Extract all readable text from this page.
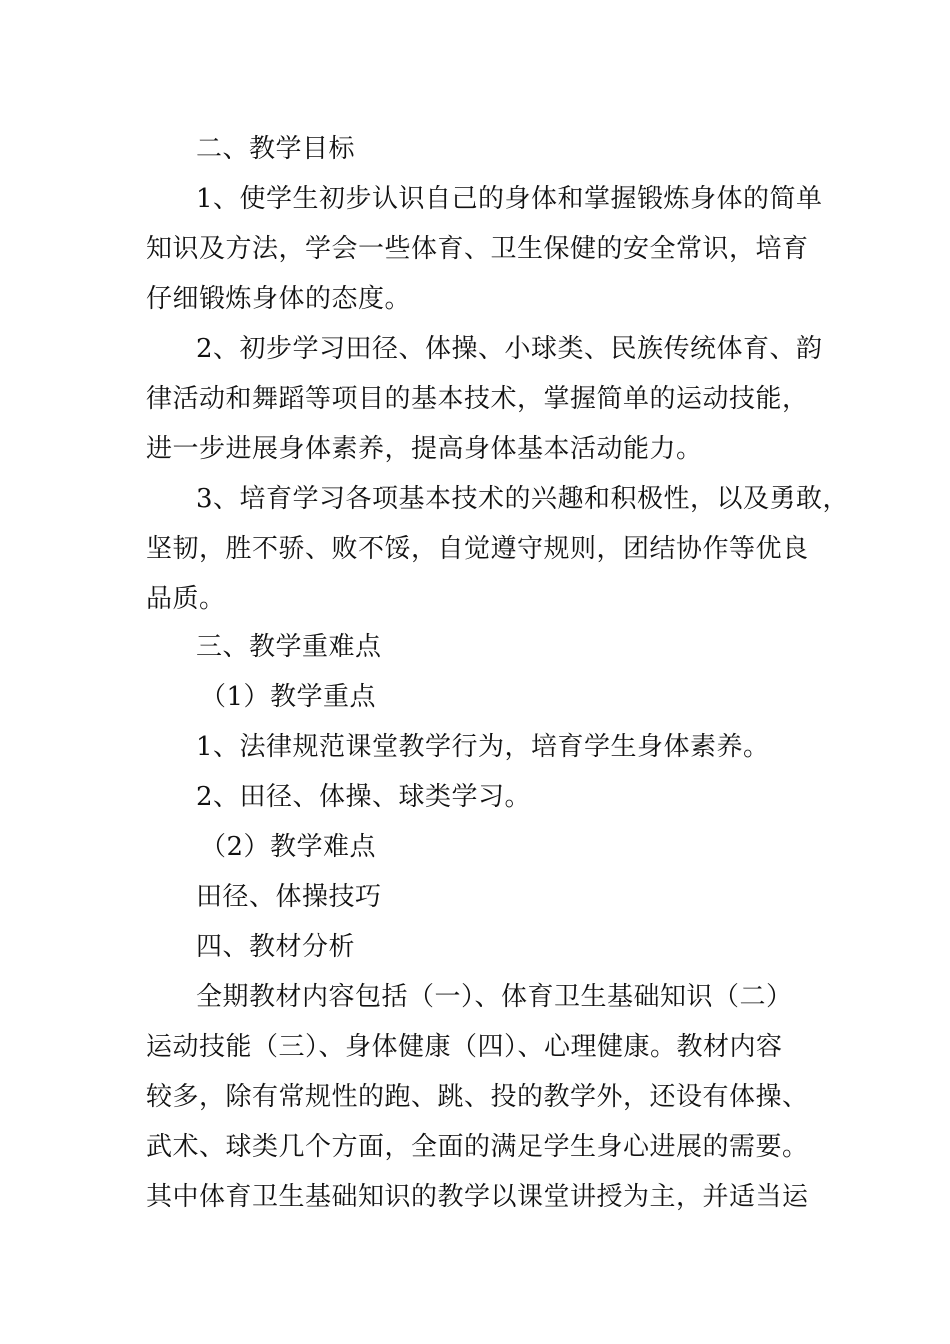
二、教学目标
1、使学生初步认识自己的身体和掌握锻炼身体的简单
知识及方法，学会一些体育、卫生保健的安全常识，培育
仔细锻炼身体的态度。
2、初步学习田径、体操、小球类、民族传统体育、韵
律活动和舞蹈等项目的基本技术，掌握简单的运动技能，
进一步进展身体素养，提高身体基本活动能力。
3、培育学习各项基本技术的兴趣和积极性，以及勇敢，
坚韧，胜不骄、败不馁，自觉遵守规则，团结协作等优良
品质。
三、教学重难点
（1）教学重点
1、法律规范课堂教学行为，培育学生身体素养。
2、田径、体操、球类学习。
（2）教学难点
田径、体操技巧
四、教材分析
全期教材内容包括（一）、体育卫生基础知识（二）
运动技能（三）、身体健康（四）、心理健康。教材内容
较多，除有常规性的跑、跳、投的教学外，还设有体操、
武术、球类几个方面，全面的满足学生身心进展的需要。
其中体育卫生基础知识的教学以课堂讲授为主，并适当运
